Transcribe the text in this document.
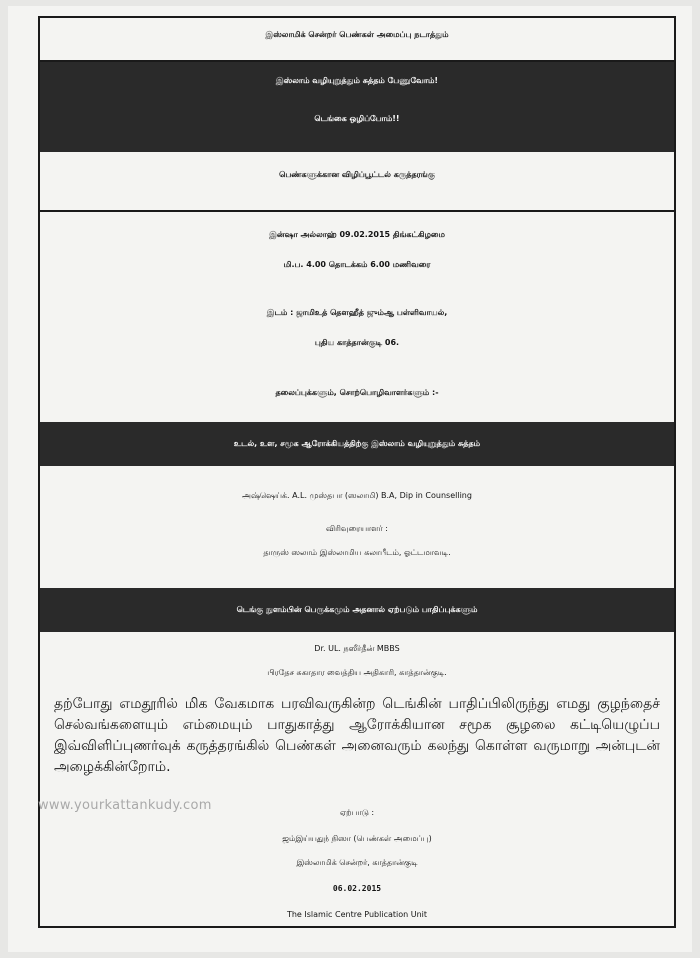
இஸ்லாமிக் சென்றர் பெண்கள் அமைப்பு நடாத்தும்
இஸ்லாம் வழியுறுத்தும் சுத்தம் பேணுவோம்!
டெங்கை ஒழிப்போம்!!
பெண்களுக்கான விழிப்பூட்டல் கருத்தரங்கு
இன்ஷா அல்லாஹ் 09.02.2015 திங்கட்கிழமை
மி.ப. 4.00 தொடக்கம் 6.00 மணிவரை
இடம் : ஜாமிஉத் தௌஹீத் ஜும்ஆ பள்ளிவாயல்,
புதிய காத்தான்குடி 06.
தலைப்புக்களும், சொற்பொழிவாளர்களும் :-
உடல், உள, சமூக ஆரோக்கியத்திற்கு இஸ்லாம் வழியுறுத்தும் சுத்தம்
அஷ்ஷெய்க். A.L. முஸ்தபா (ஸலாமி) B.A, Dip in Counselling
விரிவுரையாளர் :
தாருஸ் ஸலாம் இஸ்லாமிய கலாபீடம், ஓட்டமாவடி.
டெங்கு நுளம்பின் பெருக்கமும் அதனால் ஏற்படும் பாதிப்புக்களும்
Dr. UL. நஸீர்தீன் MBBS
பிரதேச சுகாதார வைத்திய அதிகாரி, காத்தான்குடி.
தற்போது எமதூரில் மிக வேகமாக பரவிவருகின்ற டெங்கின் பாதிப்பிலிருந்து எமது குழந்தைச் செல்வங்களையும் எம்மையும் பாதுகாத்து ஆரோக்கியான சமூக சூழலை கட்டியெழுப்ப இவ்விளிப்புணர்வுக் கருத்தரங்கில் பெண்கள் அனைவரும் கலந்து கொள்ள வருமாறு அன்புடன் அழைக்கின்றோம்.
ஏற்பாடு :
ஜம்இய்யதுந் நிஸா (பெண்கள் அமைப்பு)
இஸ்லாமிக் சென்றர், காத்தான்குடி
06.02.2015
The Islamic Centre Publication Unit
www.yourkattankudy.com
